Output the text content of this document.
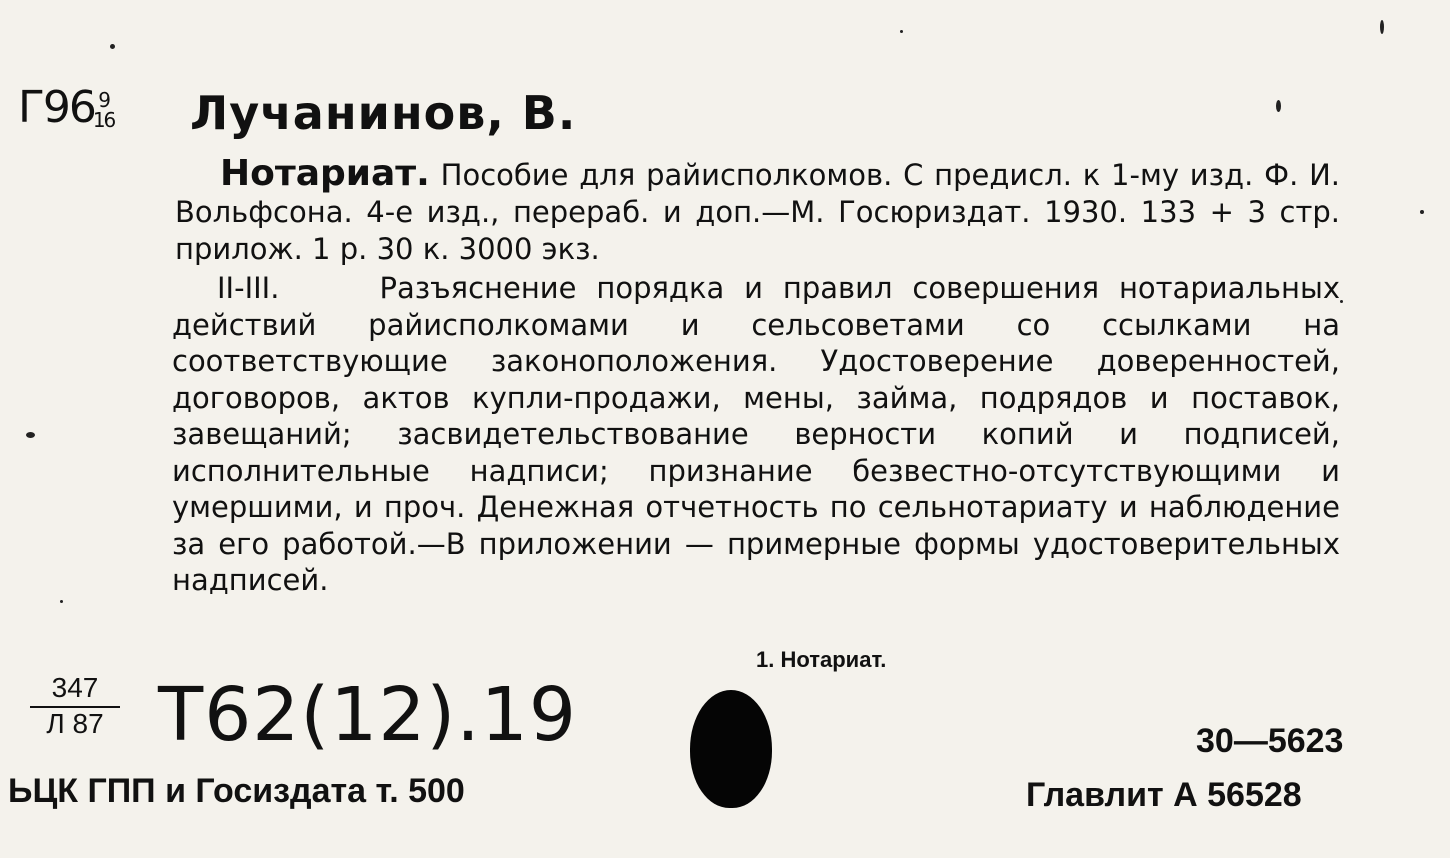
Г96 9
16 Лучанинов, В.
Нотариат. Пособие для райисполкомов. С предисл. к 1-му изд. Ф. И. Вольфсона. 4-е изд., перераб. и доп.—М. Госюриздат. 1930. 133 + 3 стр. прилож. 1 р. 30 к. 3000 экз.
II-III.	Разъяснение порядка и правил совершения нотариальных действий райисполкомами и сельсоветами со ссылками на соответствующие законоположения. Удостоверение доверенностей, договоров, актов купли-продажи, мены, займа, подрядов и поставок, завещаний; засвидетельствование верности копий и подписей, исполнительные надписи; признание безвестно-отсутствующими и умершими, и проч. Денежная отчетность по сельнотариату и наблюдение за его работой.—В приложении — примерные формы удостоверительных надписей.
1. Нотариат.
347
Л 87 Т62(12).19
ЬЦК ГПП и Госиздата т. 500
30—5623
Главлит А 56528
